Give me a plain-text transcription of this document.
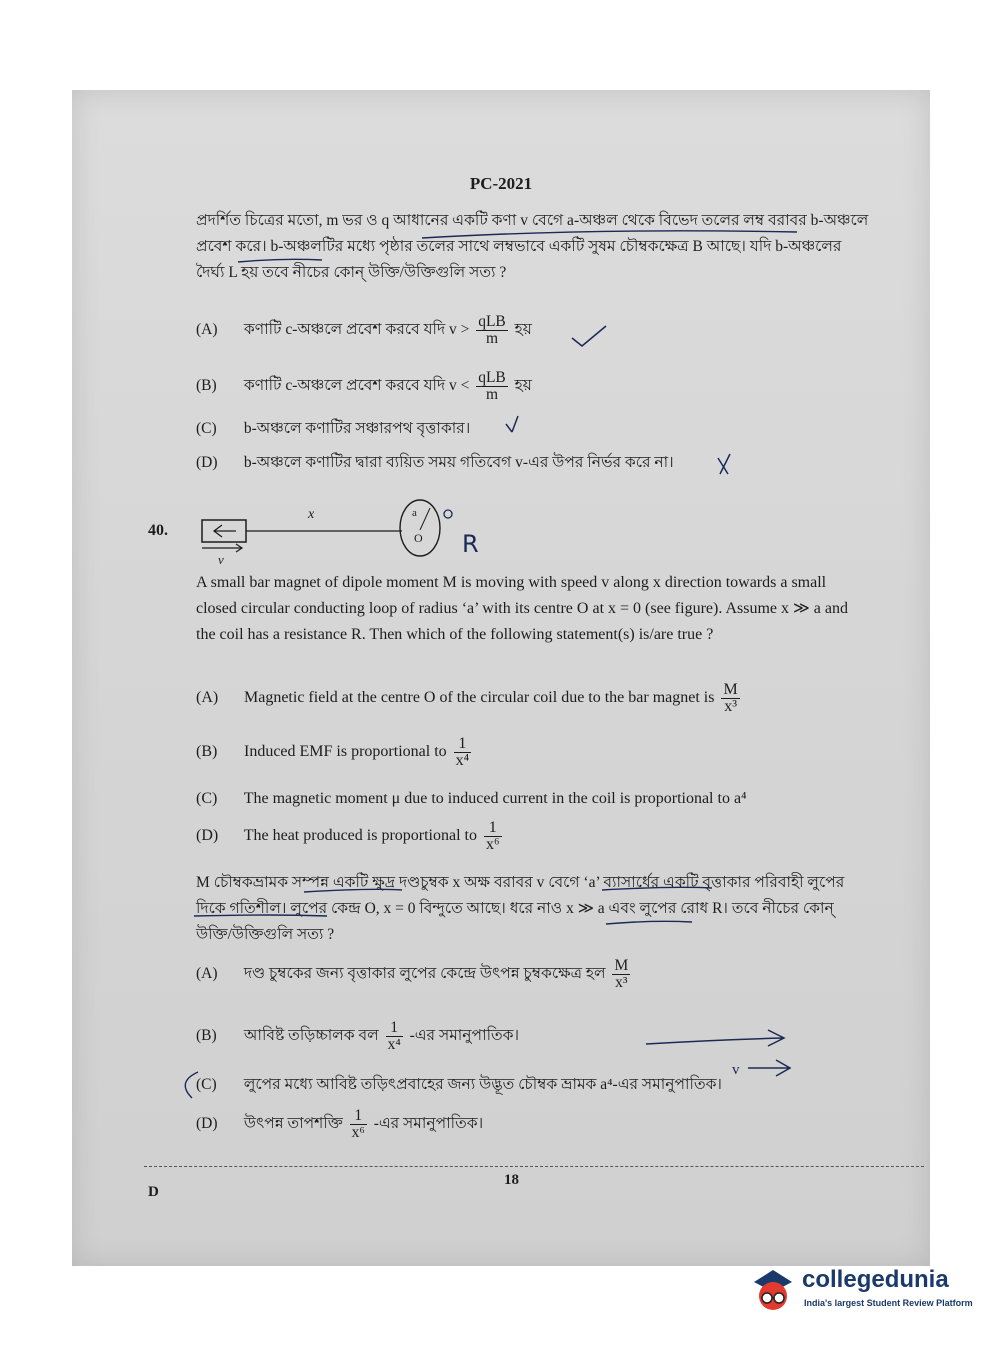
PC-2021
প্রদর্শিত চিত্রের মতো, m ভর ও q আধানের একটি কণা v বেগে a-অঞ্চল থেকে বিভেদ তলের লম্ব বরাবর b-অঞ্চলে প্রবেশ করে। b-অঞ্চলটির মধ্যে পৃষ্ঠার তলের সাথে লম্বভাবে একটি সুষম চৌম্বকক্ষেত্র B আছে। যদি b-অঞ্চলের দৈর্ঘ্য L হয় তবে নীচের কোন্ উক্তি/উক্তিগুলি সত্য ?
(A) কণাটি c-অঞ্চলে প্রবেশ করবে যদি $v > \frac{\text{qLB}}{m}$ হয়
(B) কণাটি c-অঞ্চলে প্রবেশ করবে যদি $v < \frac{\text{qLB}}{m}$ হয়
(C) b-অঞ্চলে কণাটির সঞ্চারপথ বৃত্তাকার।
(D) b-অঞ্চলে কণাটির দ্বারা ব্যয়িত সময় গতিবেগ v-এর উপর নির্ভর করে না।
40.
x
v
a
O R
A small bar magnet of dipole moment M is moving with speed v along x direction towards a small closed circular conducting loop of radius ‘a’ with its centre O at x = 0 (see figure). Assume x ≫ a and the coil has a resistance R. Then which of the following statement(s) is/are true ?
(A) Magnetic field at the centre O of the circular coil due to the bar magnet is $\frac{M}{\text{x³}}$
(B) Induced EMF is proportional to $\frac{1}{\text{x⁴}}$
(C) The magnetic moment μ due to induced current in the coil is proportional to a⁴
(D) The heat produced is proportional to $\frac{1}{\text{x⁶}}$
M চৌম্বকভ্রামক সম্পন্ন একটি ক্ষুদ্র দণ্ডচুম্বক x অক্ষ বরাবর v বেগে ‘a’ ব্যাসার্ধের একটি বৃত্তাকার পরিবাহী লুপের দিকে গতিশীল। লুপের কেন্দ্র O, x = 0 বিন্দুতে আছে। ধরে নাও x ≫ a এবং লুপের রোধ R। তবে নীচের কোন্ উক্তি/উক্তিগুলি সত্য ?
(A) দণ্ড চুম্বকের জন্য বৃত্তাকার লুপের কেন্দ্রে উৎপন্ন চুম্বকক্ষেত্র হল $\frac{M}{\text{x³}}$
(B) আবিষ্ট তড়িচ্চালক বল $\frac{1}{\text{x⁴}}$ -এর সমানুপাতিক।
(C) লুপের মধ্যে আবিষ্ট তড়িৎপ্রবাহের জন্য উদ্ভূত চৌম্বক ভ্রামক a⁴-এর সমানুপাতিক।
(D) উৎপন্ন তাপশক্তি $\frac{1}{\text{x⁶}}$ -এর সমানুপাতিক।
v
D
18
collegedunia
India's largest Student Review Platform
